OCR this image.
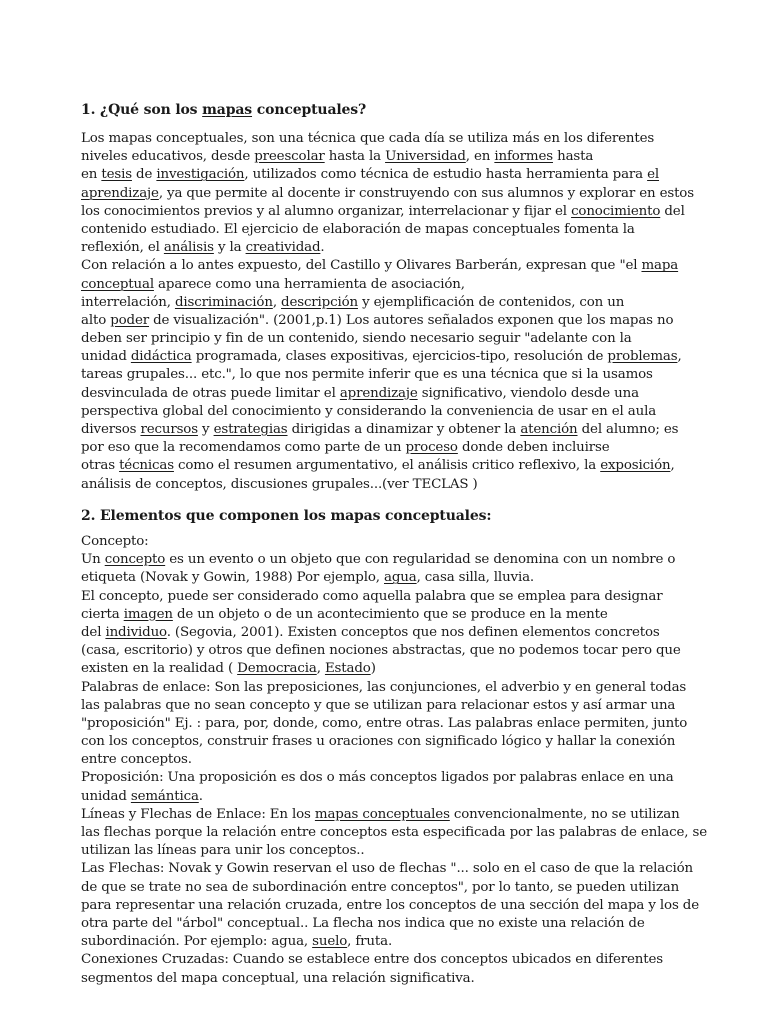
1. ¿Qué son los mapas conceptuales?
Los mapas conceptuales, son una técnica que cada día se utiliza más en los diferentes
niveles educativos, desde preescolar hasta la Universidad, en informes hasta
en tesis de investigación, utilizados como técnica de estudio hasta herramienta para el
aprendizaje, ya que permite al docente ir construyendo con sus alumnos y explorar en estos
los conocimientos previos y al alumno organizar, interrelacionar y fijar el conocimiento del
contenido estudiado. El ejercicio de elaboración de mapas conceptuales fomenta la
reflexión, el análisis y la creatividad.
Con relación a lo antes expuesto, del Castillo y Olivares Barberán, expresan que "el mapa
conceptual aparece como una herramienta de asociación,
interrelación, discriminación, descripción y ejemplificación de contenidos, con un
alto poder de visualización". (2001,p.1) Los autores señalados exponen que los mapas no
deben ser principio y fin de un contenido, siendo necesario seguir "adelante con la
unidad didáctica programada, clases expositivas, ejercicios-tipo, resolución de problemas,
tareas grupales... etc.", lo que nos permite inferir que es una técnica que si la usamos
desvinculada de otras puede limitar el aprendizaje significativo, viendolo desde una
perspectiva global del conocimiento y considerando la conveniencia de usar en el aula
diversos recursos y estrategias dirigidas a dinamizar y obtener la atención del alumno; es
por eso que la recomendamos como parte de un proceso donde deben incluirse
otras técnicas como el resumen argumentativo, el análisis critico reflexivo, la exposición,
análisis de conceptos, discusiones grupales...(ver TECLAS )
2. Elementos que componen los mapas conceptuales:
Concepto:
Un concepto es un evento o un objeto que con regularidad se denomina con un nombre o
etiqueta (Novak y Gowin, 1988) Por ejemplo, agua, casa silla, lluvia.
El concepto, puede ser considerado como aquella palabra que se emplea para designar
cierta imagen de un objeto o de un acontecimiento que se produce en la mente
del individuo. (Segovia, 2001). Existen conceptos que nos definen elementos concretos
(casa, escritorio) y otros que definen nociones abstractas, que no podemos tocar pero que
existen en la realidad ( Democracia, Estado)
Palabras de enlace: Son las preposiciones, las conjunciones, el adverbio y en general todas
las palabras que no sean concepto y que se utilizan para relacionar estos y así armar una
"proposición" Ej. : para, por, donde, como, entre otras. Las palabras enlace permiten, junto
con los conceptos, construir frases u oraciones con significado lógico y hallar la conexión
entre conceptos.
Proposición: Una proposición es dos o más conceptos ligados por palabras enlace en una
unidad semántica.
Líneas y Flechas de Enlace: En los mapas conceptuales convencionalmente, no se utilizan
las flechas porque la relación entre conceptos esta especificada por las palabras de enlace, se
utilizan las líneas para unir los conceptos..
Las Flechas: Novak y Gowin reservan el uso de flechas "... solo en el caso de que la relación
de que se trate no sea de subordinación entre conceptos", por lo tanto, se pueden utilizan
para representar una relación cruzada, entre los conceptos de una sección del mapa y los de
otra parte del "árbol" conceptual.. La flecha nos indica que no existe una relación de
subordinación. Por ejemplo: agua, suelo, fruta.
Conexiones Cruzadas: Cuando se establece entre dos conceptos ubicados en diferentes
segmentos del mapa conceptual, una relación significativa.
